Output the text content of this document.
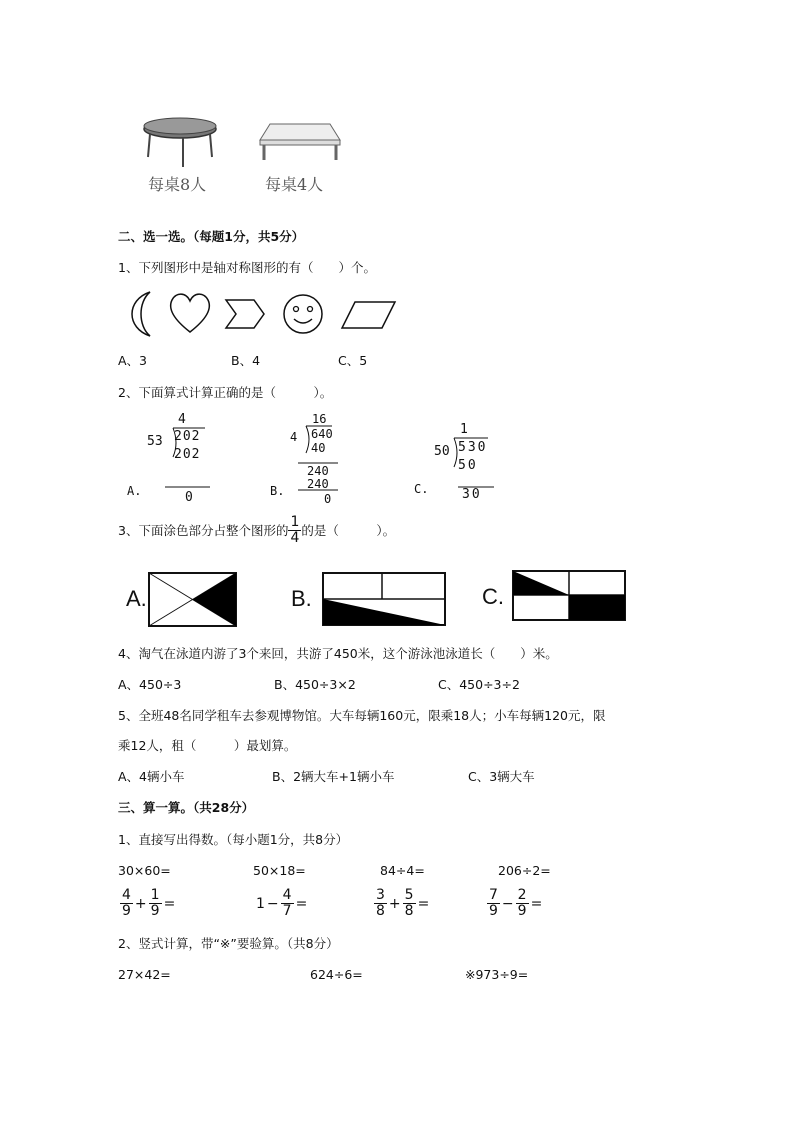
每桌8人	每桌4人
二、选一选。（每题1分，共5分）
1、下列图形中是轴对称图形的有（　　）个。
A、3	B、4	C、5
2、下面算式计算正确的是（　　　）。
A.
4
53 202
202
0	B.
16
4 640
40
240
240
0
C.
1
50 530
50
30
3、下面涂色部分占整个图形的 $\frac{1}{4}$ 的是（　　　）。
A.	B.	C.
4、淘气在泳道内游了3个来回，共游了450米，这个游泳池泳道长（　　）米。
A、450÷3	B、450÷3×2	C、450÷3÷2
5、全班48名同学租车去参观博物馆。大车每辆160元，限乘18人；小车每辆120元，限
乘12人，租（　　　）最划算。
A、4辆小车	B、2辆大车+1辆小车	C、3辆大车
三、算一算。（共28分）
1、直接写出得数。（每小题1分，共8分）
30×60=	50×18=	84÷4=	206÷2=
$\frac{4}{9} + \frac{1}{9}$ =	$1 - \frac{4}{7}$ =	$\frac{3}{8} + \frac{5}{8}$ =	$\frac{7}{9} - \frac{2}{9}$ =
2、竖式计算，带“※”要验算。（共8分）
27×42=	624÷6=	※973÷9=
